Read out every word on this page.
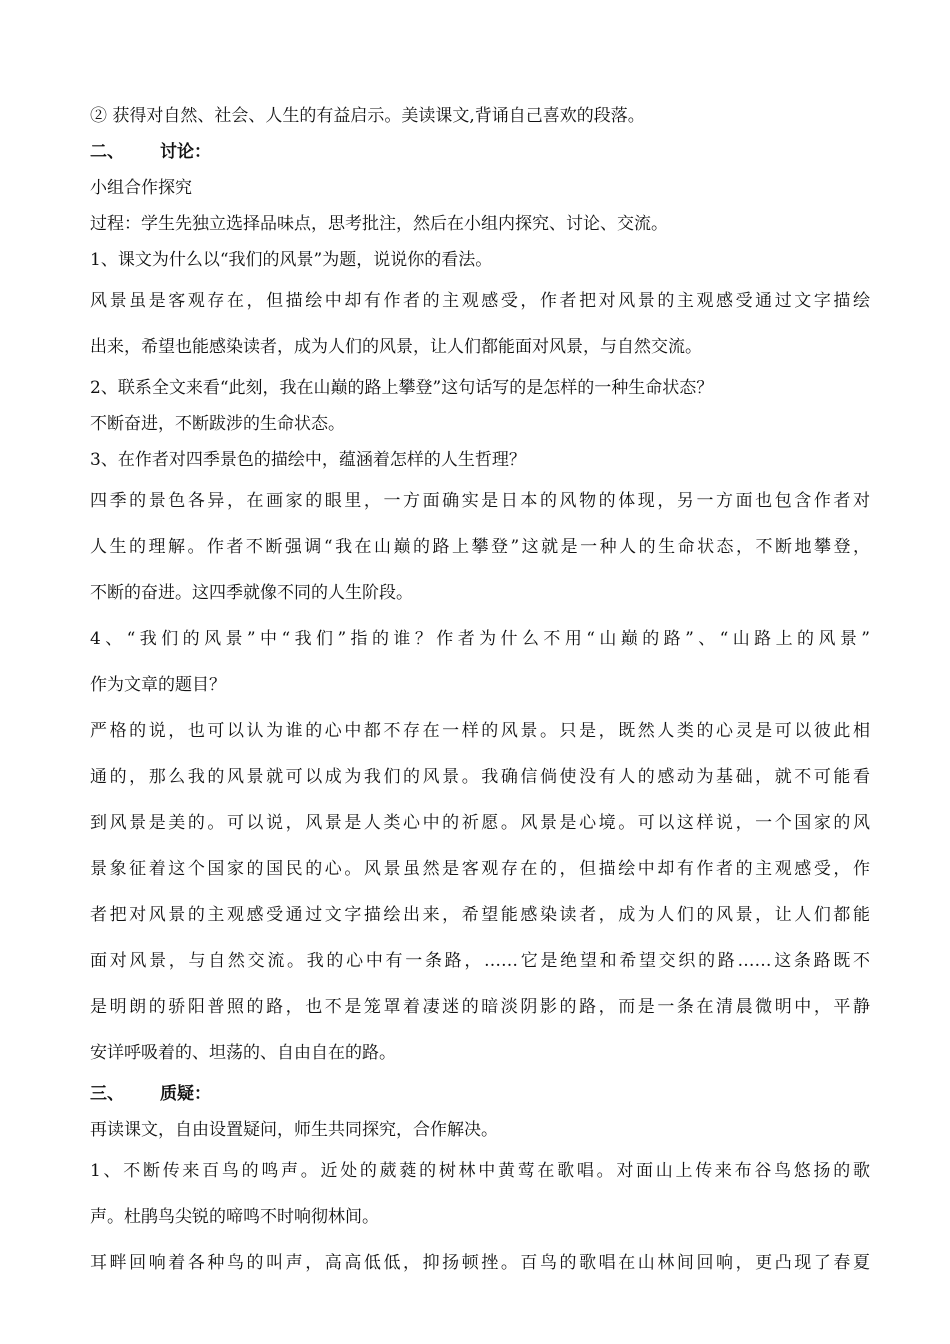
② 获得对自然、社会、人生的有益启示。美读课文,背诵自己喜欢的段落。
二、 讨论：
小组合作探究
过程：学生先独立选择品味点，思考批注，然后在小组内探究、讨论、交流。
1、课文为什么以“我们的风景”为题，说说你的看法。
风景虽是客观存在，但描绘中却有作者的主观感受，作者把对风景的主观感受通过文字描绘
出来，希望也能感染读者，成为人们的风景，让人们都能面对风景，与自然交流。
2、联系全文来看“此刻，我在山巅的路上攀登”这句话写的是怎样的一种生命状态？
不断奋进，不断跋涉的生命状态。
3、在作者对四季景色的描绘中，蕴涵着怎样的人生哲理？
四季的景色各异，在画家的眼里，一方面确实是日本的风物的体现，另一方面也包含作者对
人生的理解。作者不断强调“我在山巅的路上攀登”这就是一种人的生命状态，不断地攀登，
不断的奋进。这四季就像不同的人生阶段。
4、“我们的风景”中“我们”指的谁？作者为什么不用“山巅的路”、“山路上的风景”
作为文章的题目？
严格的说，也可以认为谁的心中都不存在一样的风景。只是，既然人类的心灵是可以彼此相
通的，那么我的风景就可以成为我们的风景。我确信倘使没有人的感动为基础，就不可能看
到风景是美的。可以说，风景是人类心中的祈愿。风景是心境。可以这样说，一个国家的风
景象征着这个国家的国民的心。风景虽然是客观存在的，但描绘中却有作者的主观感受，作
者把对风景的主观感受通过文字描绘出来，希望能感染读者，成为人们的风景，让人们都能
面对风景，与自然交流。我的心中有一条路，……它是绝望和希望交织的路……这条路既不
是明朗的骄阳普照的路，也不是笼罩着凄迷的暗淡阴影的路，而是一条在清晨微明中，平静
安详呼吸着的、坦荡的、自由自在的路。
三、 质疑：
再读课文，自由设置疑问，师生共同探究，合作解决。
1、不断传来百鸟的鸣声。近处的葳蕤的树林中黄莺在歌唱。对面山上传来布谷鸟悠扬的歌
声。杜鹃鸟尖锐的啼鸣不时响彻林间。
耳畔回响着各种鸟的叫声，高高低低，抑扬顿挫。百鸟的歌唱在山林间回响，更凸现了春夏
